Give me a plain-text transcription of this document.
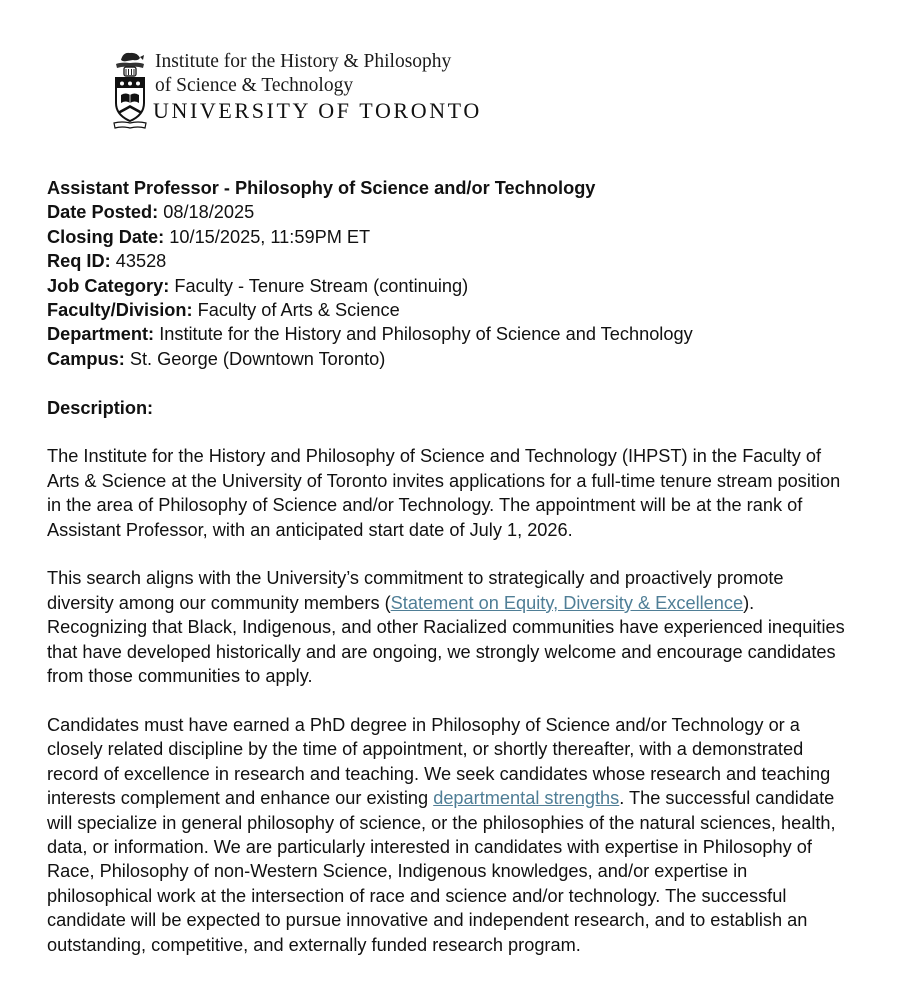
Institute for the History & Philosophy
of Science & Technology
UNIVERSITY OF TORONTO

Assistant Professor - Philosophy of Science and/or Technology

Date Posted: 08/18/2025

Closing Date: 10/15/2025, 11:59PM ET

Req ID: 43528

Job Category: Faculty - Tenure Stream (continuing)

Faculty/Division: Faculty of Arts & Science

Department: Institute for the History and Philosophy of Science and Technology

Campus: St. George (Downtown Toronto)

Description:

The Institute for the History and Philosophy of Science and Technology (IHPST) in the Faculty of Arts & Science at the University of Toronto invites applications for a full-time tenure stream position in the area of Philosophy of Science and/or Technology. The appointment will be at the rank of Assistant Professor, with an anticipated start date of July 1, 2026.

This search aligns with the University’s commitment to strategically and proactively promote diversity among our community members (Statement on Equity, Diversity & Excellence). Recognizing that Black, Indigenous, and other Racialized communities have experienced inequities that have developed historically and are ongoing, we strongly welcome and encourage candidates from those communities to apply.

Candidates must have earned a PhD degree in Philosophy of Science and/or Technology or a closely related discipline by the time of appointment, or shortly thereafter, with a demonstrated record of excellence in research and teaching. We seek candidates whose research and teaching interests complement and enhance our existing departmental strengths. The successful candidate will specialize in general philosophy of science, or the philosophies of the natural sciences, health, data, or information. We are particularly interested in candidates with expertise in Philosophy of Race, Philosophy of non-Western Science, Indigenous knowledges, and/or expertise in philosophical work at the intersection of race and science and/or technology. The successful candidate will be expected to pursue innovative and independent research, and to establish an outstanding, competitive, and externally funded research program.
